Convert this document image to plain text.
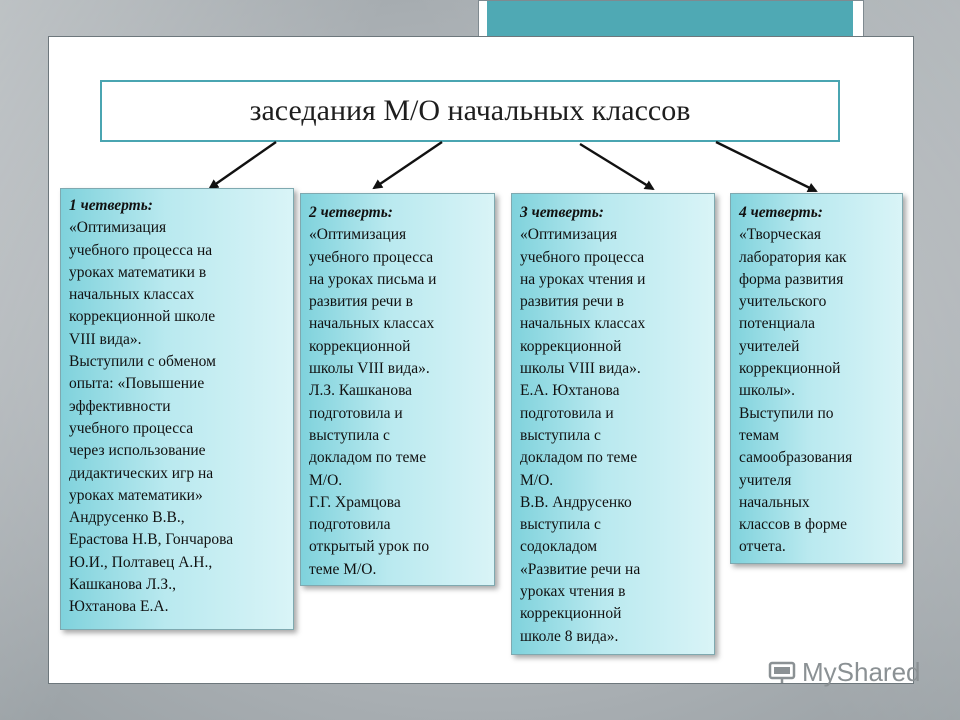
заседания М/О начальных классов
1 четверть:
«Оптимизация
учебного процесса на
уроках математики в
начальных классах
коррекционной школе
VIII вида».
Выступили с обменом
опыта: «Повышение
эффективности
учебного процесса
через использование
дидактических игр на
уроках математики»
Андрусенко В.В.,
Ерастова Н.В, Гончарова
Ю.И., Полтавец А.Н.,
Кашканова Л.З.,
Юхтанова Е.А.
2 четверть:
«Оптимизация
учебного процесса
на уроках письма и
развития речи в
начальных классах
коррекционной
школы VIII вида».
Л.З. Кашканова
подготовила и
выступила с
докладом по теме
М/О.
Г.Г. Храмцова
подготовила
открытый урок по
теме М/О.
3 четверть:
«Оптимизация
учебного процесса
на уроках чтения и
развития речи в
начальных классах
коррекционной
школы VIII вида».
Е.А. Юхтанова
подготовила и
выступила с
докладом по теме
М/О.
В.В. Андрусенко
выступила с
содокладом
«Развитие речи на
уроках чтения в
коррекционной
школе 8 вида».
4 четверть:
«Творческая
лаборатория как
форма развития
учительского
потенциала
учителей
коррекционной
школы».
Выступили по
темам
самообразования
учителя
начальных
классов в форме
отчета.
MyShared
